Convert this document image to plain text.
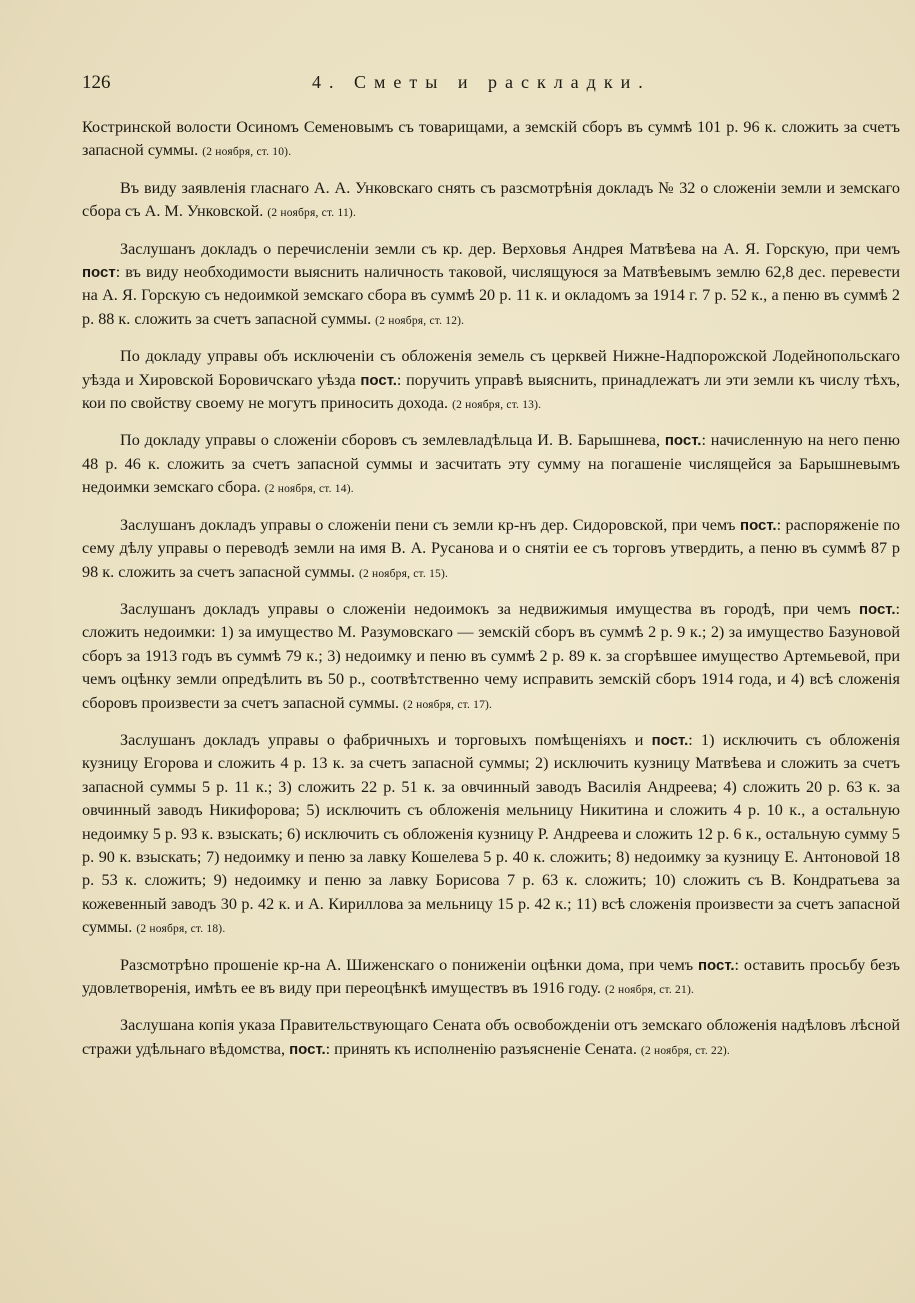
126	4. Сметы и раскладки.

Костринской волости Осиномъ Семеновымъ съ товарищами, а земскій сборъ въ суммѣ 101 р. 96 к. сложить за счетъ запасной суммы. (2 ноября, ст. 10).

Въ виду заявленія гласнаго А. А. Унковскаго снять съ разсмотрѣнія докладъ № 32 о сложеніи земли и земскаго сбора съ А. М. Унковской. (2 ноября, ст. 11).

Заслушанъ докладъ о перечисленіи земли съ кр. дер. Верховья Андрея Матвѣева на А. Я. Горскую, при чемъ пост: въ виду необходимости выяснить наличность таковой, числящуюся за Матвѣевымъ землю 62,8 дес. перевести на А. Я. Горскую съ недоимкой земскаго сбора въ суммѣ 20 р. 11 к. и окладомъ за 1914 г. 7 р. 52 к., а пеню въ суммѣ 2 р. 88 к. сложить за счетъ запасной суммы. (2 ноября, ст. 12).

По докладу управы объ исключеніи съ обложенія земель съ церквей Нижне-Надпорожской Лодейнопольскаго уѣзда и Хировской Боровичскаго уѣзда пост.: поручить управѣ выяснить, принадлежатъ ли эти земли къ числу тѣхъ, кои по свойству своему не могутъ приносить дохода. (2 ноября, ст. 13).

По докладу управы о сложеніи сборовъ съ землевладѣльца И. В. Барышнева, пост.: начисленную на него пеню 48 р. 46 к. сложить за счетъ запасной суммы и засчитать эту сумму на погашеніе числящейся за Барышневымъ недоимки земскаго сбора. (2 ноября, ст. 14).

Заслушанъ докладъ управы о сложеніи пени съ земли кр-нъ дер. Сидоровской, при чемъ пост.: распоряженіе по сему дѣлу управы о переводѣ земли на имя В. А. Русанова и о снятіи ее съ торговъ утвердить, а пеню въ суммѣ 87 р 98 к. сложить за счетъ запасной суммы. (2 ноября, ст. 15).

Заслушанъ докладъ управы о сложеніи недоимокъ за недвижимыя имущества въ городѣ, при чемъ пост.: сложить недоимки: 1) за имущество М. Разумовскаго — земскій сборъ въ суммѣ 2 р. 9 к.; 2) за имущество Базуновой сборъ за 1913 годъ въ суммѣ 79 к.; 3) недоимку и пеню въ суммѣ 2 р. 89 к. за сгорѣвшее имущество Артемьевой, при чемъ оцѣнку земли опредѣлить въ 50 р., соотвѣтственно чему исправить земскій сборъ 1914 года, и 4) всѣ сложенія сборовъ произвести за счетъ запасной суммы. (2 ноября, ст. 17).

Заслушанъ докладъ управы о фабричныхъ и торговыхъ помѣщеніяхъ и пост.: 1) исключить съ обложенія кузницу Егорова и сложить 4 р. 13 к. за счетъ запасной суммы; 2) исключить кузницу Матвѣева и сложить за счетъ запасной суммы 5 р. 11 к.; 3) сложить 22 р. 51 к. за овчинный заводъ Василія Андреева; 4) сложить 20 р. 63 к. за овчинный заводъ Никифорова; 5) исключить съ обложенія мельницу Никитина и сложить 4 р. 10 к., а остальную недоимку 5 р. 93 к. взыскать; 6) исключить съ обложенія кузницу Р. Андреева и сложить 12 р. 6 к., остальную сумму 5 р. 90 к. взыскать; 7) недоимку и пеню за лавку Кошелева 5 р. 40 к. сложить; 8) недоимку за кузницу Е. Антоновой 18 р. 53 к. сложить; 9) недоимку и пеню за лавку Борисова 7 р. 63 к. сложить; 10) сложить съ В. Кондратьева за кожевенный заводъ 30 р. 42 к. и А. Кириллова за мельницу 15 р. 42 к.; 11) всѣ сложенія произвести за счетъ запасной суммы. (2 ноября, ст. 18).

Разсмотрѣно прошеніе кр-на А. Шиженскаго о пониженіи оцѣнки дома, при чемъ пост.: оставить просьбу безъ удовлетворенія, имѣть ее въ виду при переоцѣнкѣ имуществъ въ 1916 году. (2 ноября, ст. 21).

Заслушана копія указа Правительствующаго Сената объ освобожденіи отъ земскаго обложенія надѣловъ лѣсной стражи удѣльнаго вѣдомства, пост.: принять къ исполненію разъясненіе Сената. (2 ноября, ст. 22).
